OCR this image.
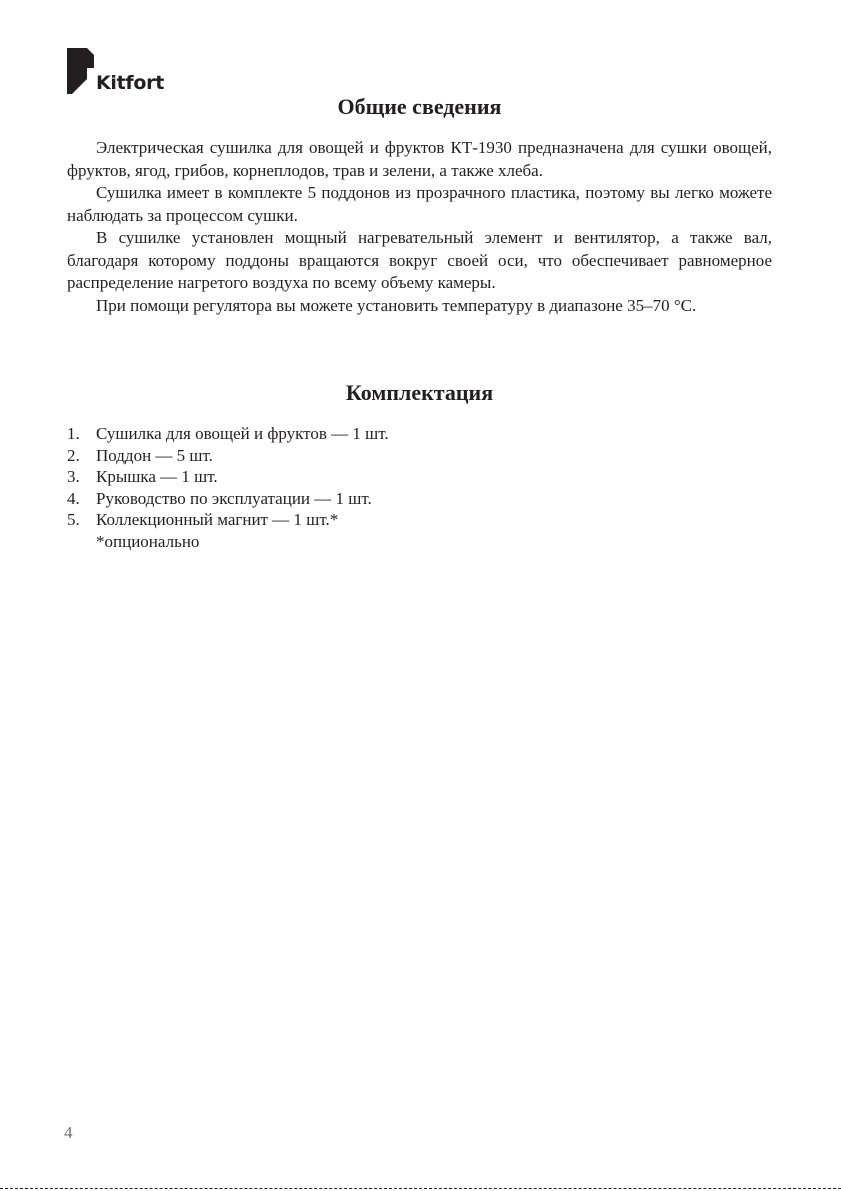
Kitfort
Общие сведения

Электрическая сушилка для овощей и фруктов КТ-1930 предназначена для сушки овощей, фруктов, ягод, грибов, корнеплодов, трав и зелени, а также хлеба.

Сушилка имеет в комплекте 5 поддонов из прозрачного пластика, поэтому вы легко можете наблюдать за процессом сушки.

В сушилке установлен мощный нагревательный элемент и вентилятор, а также вал, благодаря которому поддоны вращаются вокруг своей оси, что обеспечивает равномерное распределение нагретого воздуха по всему объему камеры.

При помощи регулятора вы можете установить температуру в диапазоне 35–70 °С.

Комплектация
1. Сушилка для овощей и фруктов — 1 шт.
2. Поддон — 5 шт.
3. Крышка — 1 шт.
4. Руководство по эксплуатации — 1 шт.
5. Коллекционный магнит — 1 шт.*
*опционально
4
